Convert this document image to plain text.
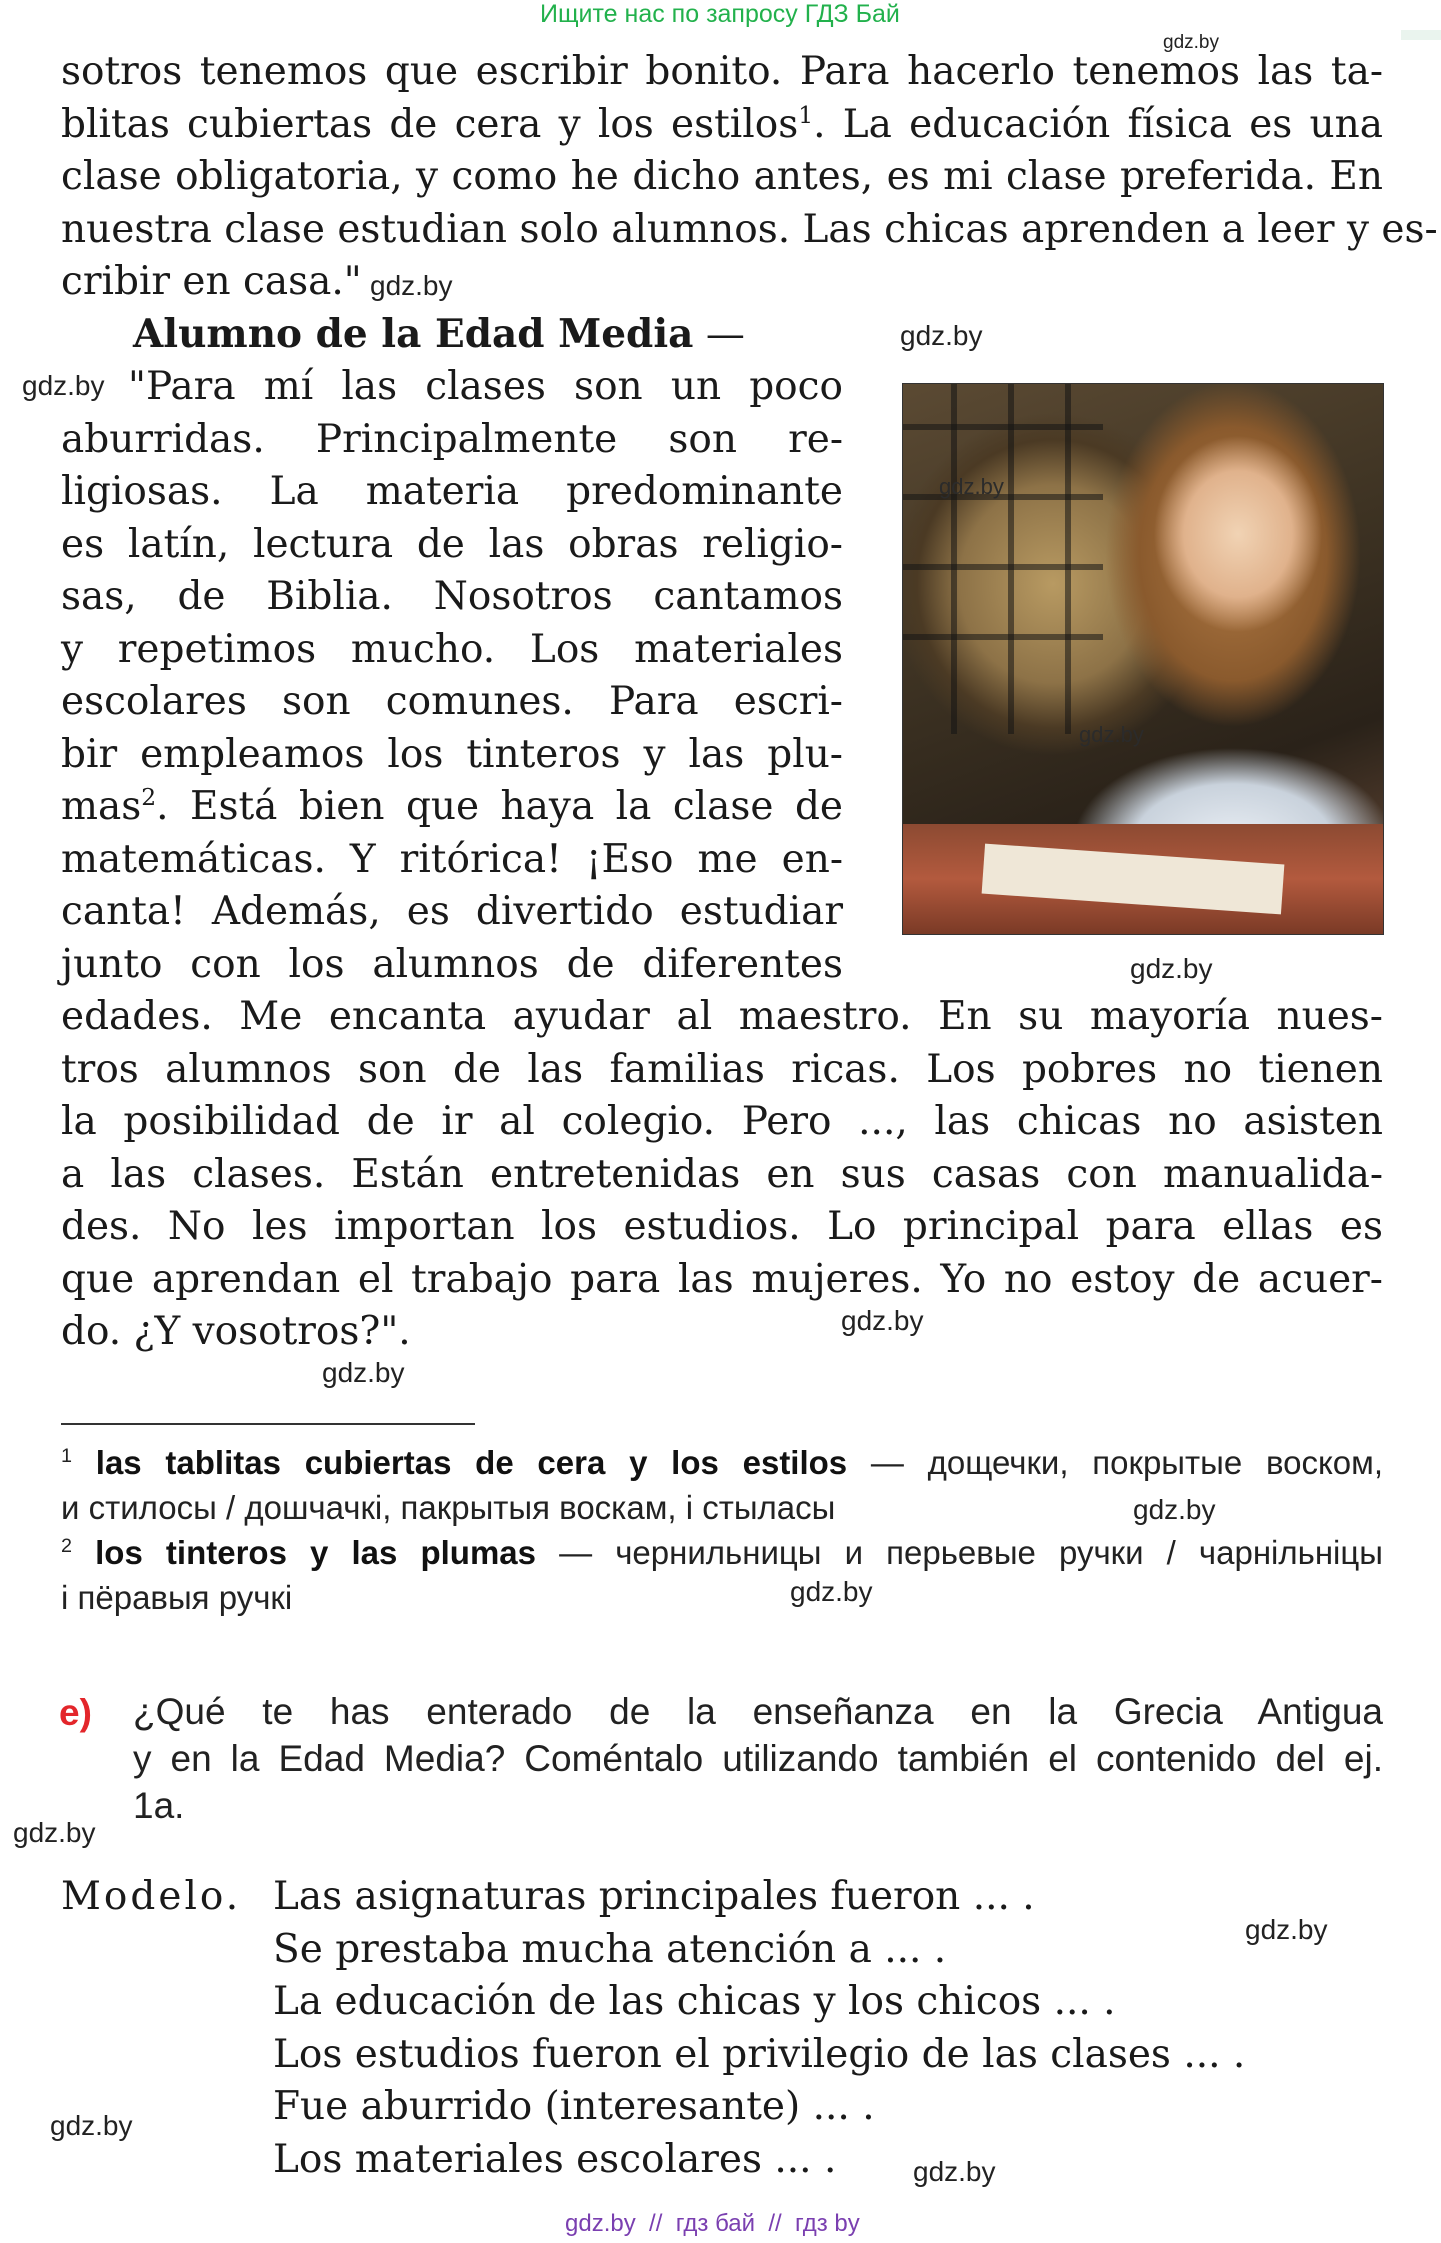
Ищите нас по запросу ГДЗ Бай
gdz.by
sotros tenemos que escribir bonito. Para hacerlo tenemos las ta-
blitas cubiertas de cera y los estilos$^1$. La educación física es una
clase obligatoria, y como he dicho antes, es mi clase preferida. En
nuestra clase estudian solo alumnos. Las chicas aprenden a leer y es-
cribir en casa." gdz.by
Alumno de la Edad Media —	gdz.by
gdz.by "Para mí las clases son un poco
aburridas. Principalmente son re-
ligiosas. La materia predominante
es latín, lectura de las obras religio-
sas, de Biblia. Nosotros cantamos
y repetimos mucho. Los materiales
escolares son comunes. Para escri-
bir empleamos los tinteros y las plu-
mas$^2$. Está bien que haya la clase de
matemáticas. Y ritórica! ¡Eso me en-
canta! Además, es divertido estudiar
junto con los alumnos de diferentes
gdz.by
gdz.by
gdz.by
edades. Me encanta ayudar al maestro. En su mayoría nues-
tros alumnos son de las familias ricas. Los pobres no tienen
la posibilidad de ir al colegio. Pero ..., las chicas no asisten
a las clases. Están entretenidas en sus casas con manualida-
des. No les importan los estudios. Lo principal para ellas es
que aprendan el trabajo para las mujeres. Yo no estoy de acuer-
do. ¿Y vosotros?".	gdz.by
gdz.by
$^1$ las tablitas cubiertas de cera y los estilos — дощечки, покрытые воском,
и стилосы / дошчачкі, пакрытыя воскам, і стыласы	gdz.by
$^2$ los tinteros y las plumas — чернильницы и перьевые ручки / чарнільніцы
і пёравыя ручкі	gdz.by
e) ¿Qué te has enterado de la enseñanza en la Grecia Antigua
y en la Edad Media? Coméntalo utilizando también el contenido del ej.
1a.
gdz.by
Modelo. Las asignaturas principales fueron ... .
Se prestaba mucha atención a ... .
La educación de las chicas y los chicos ... .
Los estudios fueron el privilegio de las clases ... .
Fue aburrido (interesante) ... .
Los materiales escolares ... .
gdz.by
gdz.by
gdz.by
gdz.by  //  гдз бай  //  гдз by
